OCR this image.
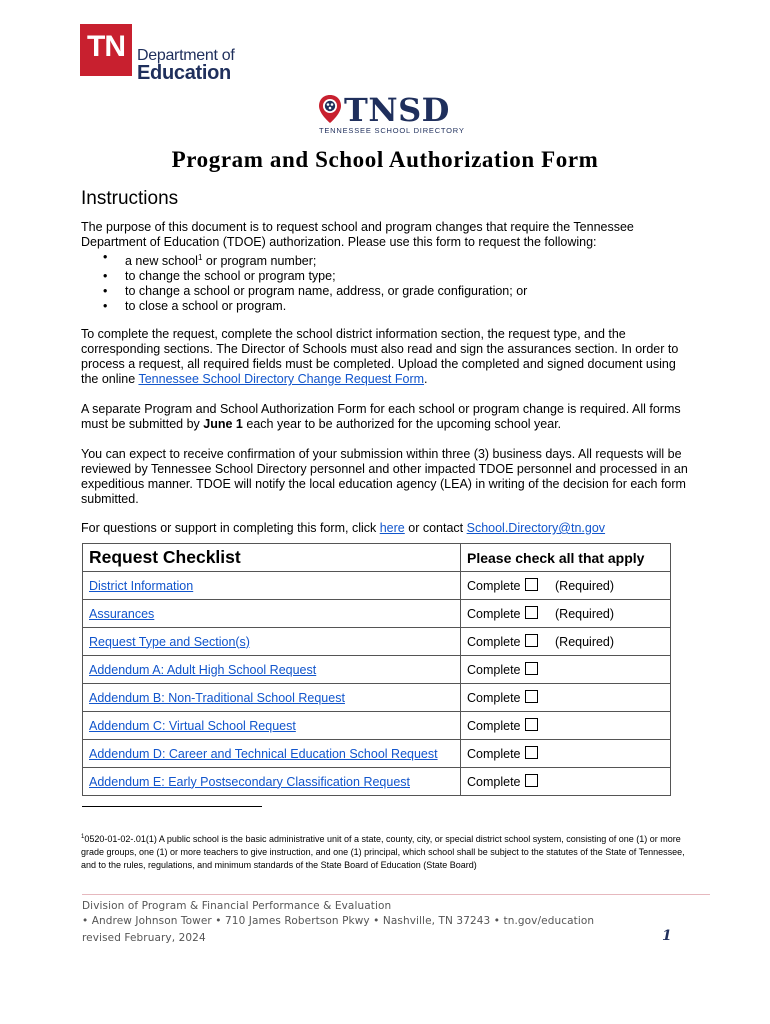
TN Department of
Education
TNSD
TENNESSEE SCHOOL DIRECTORY
Program and School Authorization Form
Instructions
The purpose of this document is to request school and program changes that require the Tennessee Department of Education (TDOE) authorization. Please use this form to request the following:
• a new school$^1$ or program number;
• to change the school or program type;
• to change a school or program name, address, or grade configuration; or
• to close a school or program.
To complete the request, complete the school district information section, the request type, and the corresponding sections. The Director of Schools must also read and sign the assurances section. In order to process a request, all required fields must be completed. Upload the completed and signed document using the online Tennessee School Directory Change Request Form.
A separate Program and School Authorization Form for each school or program change is required. All forms must be submitted by June 1 each year to be authorized for the upcoming school year.
You can expect to receive confirmation of your submission within three (3) business days. All requests will be reviewed by Tennessee School Directory personnel and other impacted TDOE personnel and processed in an expeditious manner. TDOE will notify the local education agency (LEA) in writing of the decision for each form submitted.
For questions or support in completing this form, click here or contact School.Directory@tn.gov
Request Checklist	Please check all that apply
District Information	Complete (Required)
Assurances	Complete (Required)
Request Type and Section(s)	Complete (Required)
Addendum A: Adult High School Request	Complete
Addendum B: Non-Traditional School Request	Complete
Addendum C: Virtual School Request	Complete
Addendum D: Career and Technical Education School Request	Complete
Addendum E: Early Postsecondary Classification Request	Complete
$^1$0520-01-02-.01(1) A public school is the basic administrative unit of a state, county, city, or special district school system, consisting of one (1) or more grade groups, one (1) or more teachers to give instruction, and one (1) principal, which school shall be subject to the statutes of the State of Tennessee, and to the rules, regulations, and minimum standards of the State Board of Education (State Board)
Division of Program & Financial Performance & Evaluation
• Andrew Johnson Tower • 710 James Robertson Pkwy • Nashville, TN 37243 • tn.gov/education
revised February, 2024	1
